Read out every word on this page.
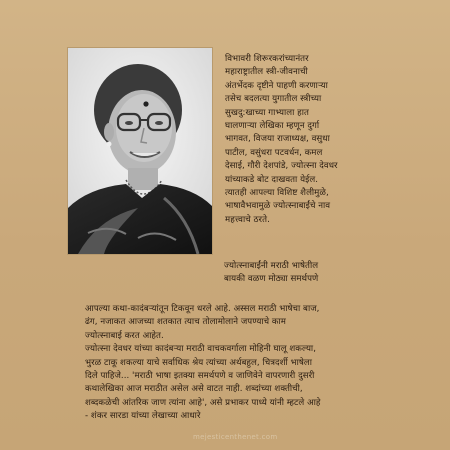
विभावरी शिरूरकरांच्यानंतर
महाराष्ट्रातील स्त्री-जीवनाची
अंतर्भेदक दृष्टीने पाहणी करणाऱ्या
तसेच बदलत्या युगातील स्त्रीच्या
सुखदु:खाच्या गाभ्याला हात
घालणाऱ्या लेखिका म्हणून दुर्गा
भागवत, विजया राजाध्यक्ष, वसुधा
पाटील, वसुंधरा पटवर्धन, कमल
देसाई, गौरी देशपांडे, ज्योत्स्ना देवधर
यांच्याकडे बोट दाखवता येईल.
त्यातही आपल्या विशिष्ट शैलीमुळे,
भाषावैभवामुळे ज्योत्स्नाबाईंचे नाव
महत्त्वाचे ठरते.
ज्योत्स्नाबाईंनी मराठी भाषेतील
बायकी वळण मोठ्या समर्थपणे
आपल्या कथा-कादंबऱ्यांतून टिकवून धरले आहे. अस्सल मराठी भाषेचा बाज,
ढंग, नजाकत आजच्या शतकात त्याच तोलामोलाने जपण्याचे काम
ज्योत्स्नाबाई करत आहेत.
ज्योत्स्ना देवधर यांच्या कादंबऱ्या मराठी वाचकवर्गाला मोहिनी घालू शकल्या,
भुरळ टाकू शकल्या याचे सर्वाधिक श्रेय त्यांच्या अर्थबहुल, चित्रदर्शी भाषेला
दिले पाहिजे... 'मराठी भाषा इतक्या समर्थपणे व जाणिवेने वापरणारी दुसरी
कथालेखिका आज मराठीत असेल असे वाटत नाही. शब्दांच्या शक्तीची,
शब्दकळेची आंतरिक जाण त्यांना आहे', असे प्रभाकर पाध्ये यांनी म्हटले आहे
- शंकर सारडा यांच्या लेखाच्या आधारे
mejesticenthenet.com
